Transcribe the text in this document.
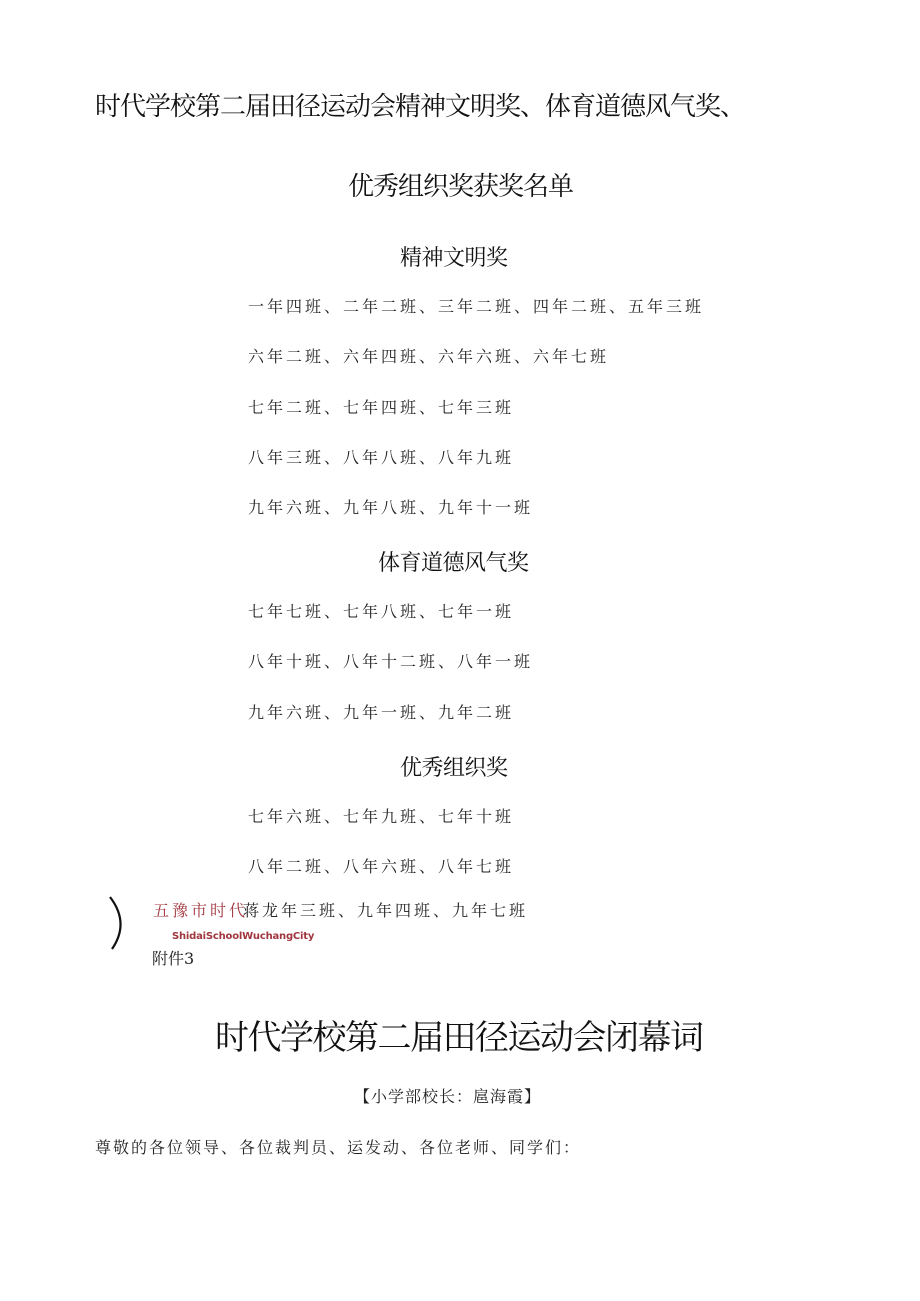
时代学校第二届田径运动会精神文明奖、体育道德风气奖、
优秀组织奖获奖名单
精神文明奖
一年四班、二年二班、三年二班、四年二班、五年三班
六年二班、六年四班、六年六班、六年七班
七年二班、七年四班、七年三班
八年三班、八年八班、八年九班
九年六班、九年八班、九年十一班
体育道德风气奖
七年七班、七年八班、七年一班
八年十班、八年十二班、八年一班
九年六班、九年一班、九年二班
优秀组织奖
七年六班、七年九班、七年十班
八年二班、八年六班、八年七班
五豫市时代
蒋龙年三班、九年四班、九年七班
ShidaiSchoolWuchangCity
附件3
时代学校第二届田径运动会闭幕词
【小学部校长：扈海霞】
尊敬的各位领导、各位裁判员、运发动、各位老师、同学们：
